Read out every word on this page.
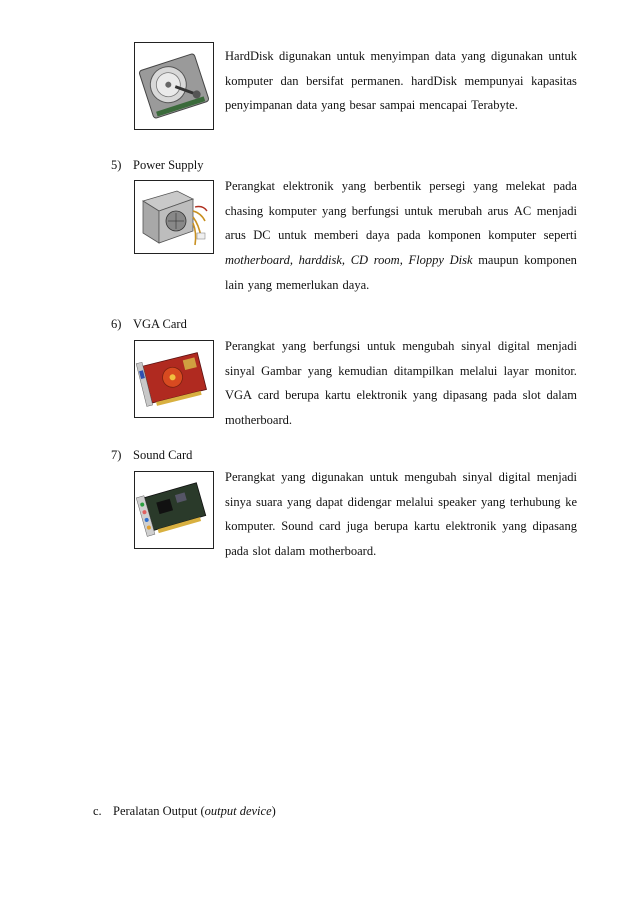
HardDisk digunakan untuk menyimpan data yang digunakan untuk
komputer dan bersifat permanen. hardDisk mempunyai kapasitas
penyimpanan data yang besar sampai mencapai Terabyte.
5) Power Supply
Perangkat elektronik yang berbentik persegi yang melekat pada
chasing komputer yang berfungsi untuk merubah arus AC menjadi
arus DC untuk memberi daya pada komponen komputer seperti
motherboard, harddisk, CD room, Floppy Disk maupun komponen
lain yang memerlukan daya.
6) VGA Card
Perangkat yang berfungsi untuk mengubah sinyal digital menjadi
sinyal Gambar yang kemudian ditampilkan melalui layar monitor.
VGA card berupa kartu elektronik yang dipasang pada slot dalam
motherboard.
7) Sound Card
Perangkat yang digunakan untuk mengubah sinyal digital menjadi
sinya suara yang dapat didengar melalui speaker yang terhubung ke
komputer. Sound card juga berupa kartu elektronik yang dipasang
pada slot dalam motherboard.
c. Peralatan Output (output device)
